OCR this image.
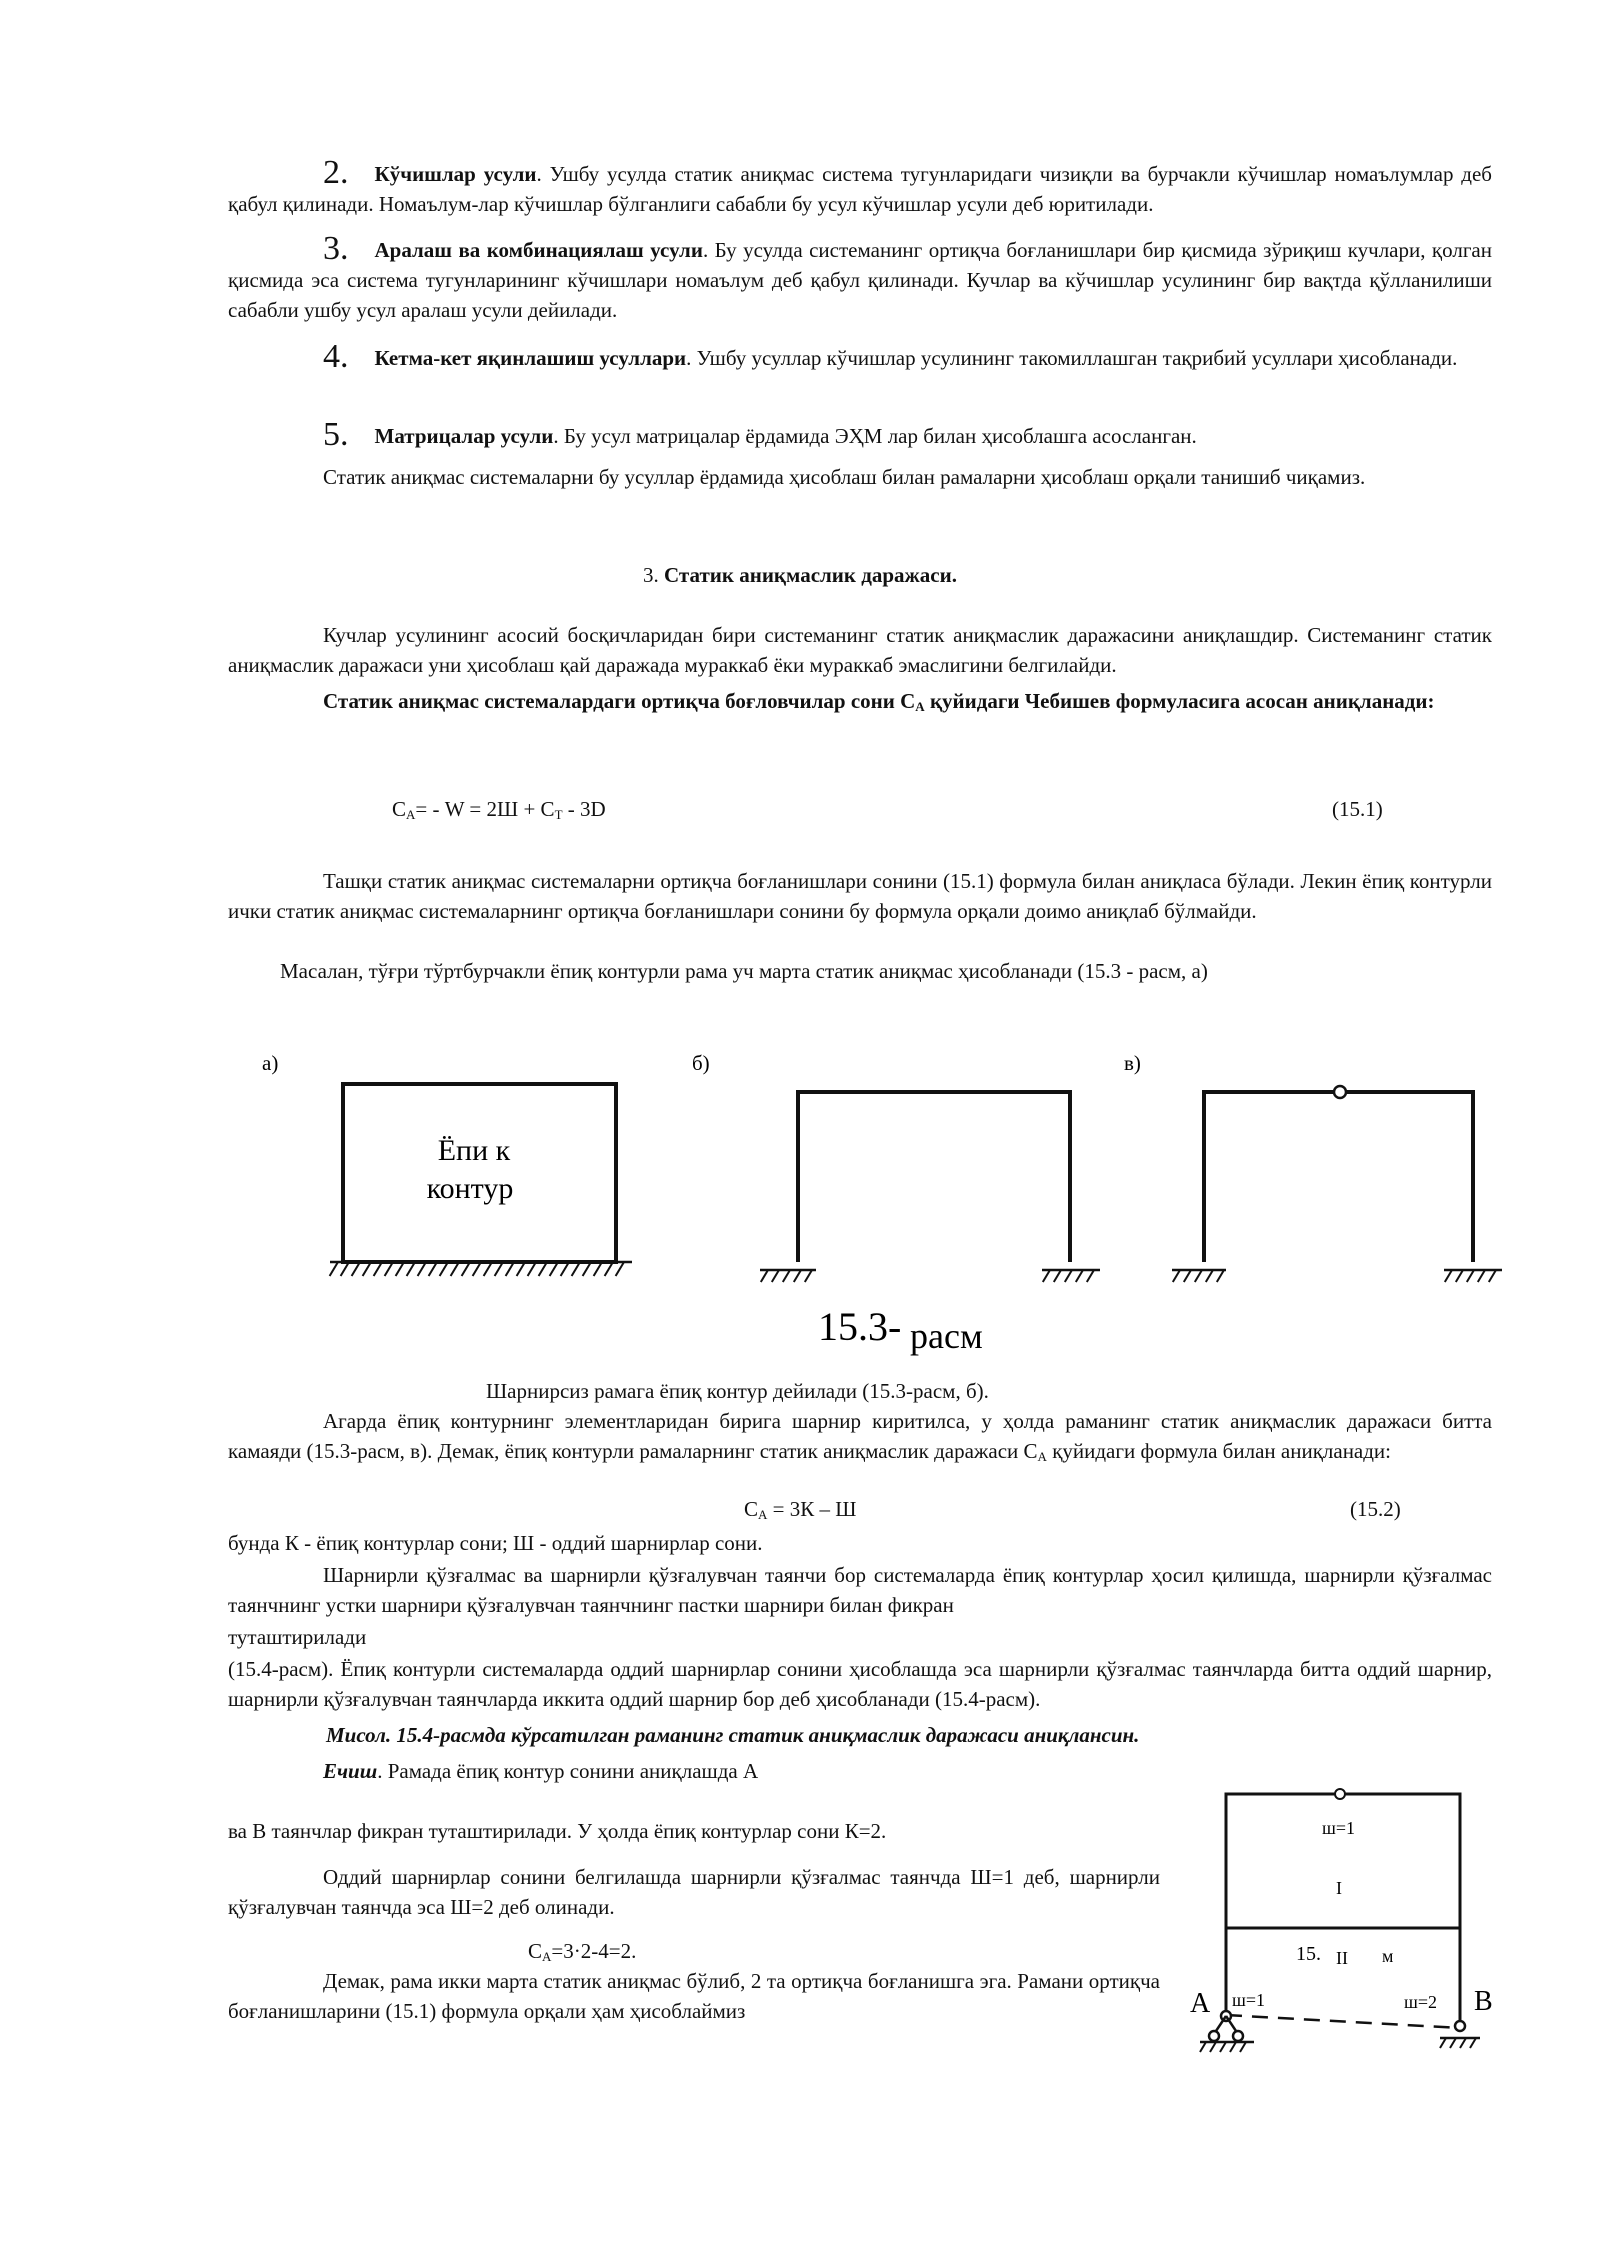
2. Кўчишлар усули. Ушбу усулда статик аниқмас система тугунларидаги чизиқли ва бурчакли кўчишлар номаълумлар деб қабул қилинади. Номаълум-лар кўчишлар бўлганлиги сабабли бу усул кўчишлар усули деб юритилади.
3. Аралаш ва комбинациялаш усули. Бу усулда системанинг ортиқча боғланишлари бир қисмида зўриқиш кучлари, қолган қисмида эса система тугунларининг кўчишлари номаълум деб қабул қилинади. Кучлар ва кўчишлар усулининг бир вақтда қўлланилиши сабабли ушбу усул аралаш усули дейилади.
4. Кетма-кет яқинлашиш усуллари. Ушбу усуллар кўчишлар усулининг такомиллашган тақрибий усуллари ҳисобланади.
5. Матрицалар усули. Бу усул матрицалар ёрдамида ЭҲМ лар билан ҳисоблашга асосланган.
Статик аниқмас системаларни бу усуллар ёрдамида ҳисоблаш билан рамаларни ҳисоблаш орқали танишиб чиқамиз.
3. Статик аниқмаслик даражаси.
Кучлар усулининг асосий босқичларидан бири системанинг статик аниқмаслик даражасини аниқлашдир. Системанинг статик аниқмаслик даражаси уни ҳисоблаш қай даражада мураккаб ёки мураккаб эмаслигини белгилайди.
Статик аниқмас системалардаги ортиқча боғловчилар сони СА қуйидаги Чебишев формуласига асосан аниқланади:
СА= - W = 2Ш + СТ - 3D	(15.1)
Ташқи статик аниқмас системаларни ортиқча боғланишлари сонини (15.1) формула билан аниқласа бўлади. Лекин ёпиқ контурли ички статик аниқмас системаларнинг ортиқча боғланишлари сонини бу формула орқали доимо аниқлаб бўлмайди.
Масалан, тўғри тўртбурчакли ёпиқ контурли рама уч марта статик аниқмас ҳисобланади (15.3 - расм, а)
а)	б)	в)
Ёпи к
контур
15.3- расм
Шарнирсиз рамага ёпиқ контур дейилади (15.3-расм, б).
Агарда ёпиқ контурнинг элементларидан бирига шарнир киритилса, у ҳолда раманинг статик аниқмаслик даражаси битта камаяди (15.3-расм, в). Демак, ёпиқ контурли рамаларнинг статик аниқмаслик даражаси СА қуйидаги формула билан аниқланади:
СА = 3К – Ш	(15.2)
бунда К - ёпиқ контурлар сони; Ш - оддий шарнирлар сони.
Шарнирли қўзғалмас ва шарнирли қўзғалувчан таянчи бор системаларда ёпиқ контурлар ҳосил қилишда, шарнирли қўзғалмас таянчнинг устки шарнири қўзғалувчан таянчнинг пастки шарнири билан фикран
туташтирилади
(15.4-расм). Ёпиқ контурли системаларда оддий шарнирлар сонини ҳисоблашда эса шарнирли қўзғалмас таянчларда битта оддий шарнир, шарнирли қўзғалувчан таянчларда иккита оддий шарнир бор деб ҳисобланади (15.4-расм).
Мисол. 15.4-расмда кўрсатилган раманинг статик аниқмаслик даражаси аниқлансин.
Ечиш. Рамада ёпиқ контур сонини аниқлашда А
ва В таянчлар фикран туташтирилади. У ҳолда ёпиқ контурлар сони К=2.
Оддий шарнирлар сонини белгилашда шарнирли қўзғалмас таянчда Ш=1 деб, шарнирли қўзғалувчан таянчда эса Ш=2 деб олинади.
СА=3·2-4=2.
Демак, рама икки марта статик аниқмас бўлиб, 2 та ортиқча боғланишга эга. Рамани ортиқча боғланишларини (15.1) формула орқали ҳам ҳисоблаймиз
ш=1
I
15. II м
ш=1	ш=2
А	В
